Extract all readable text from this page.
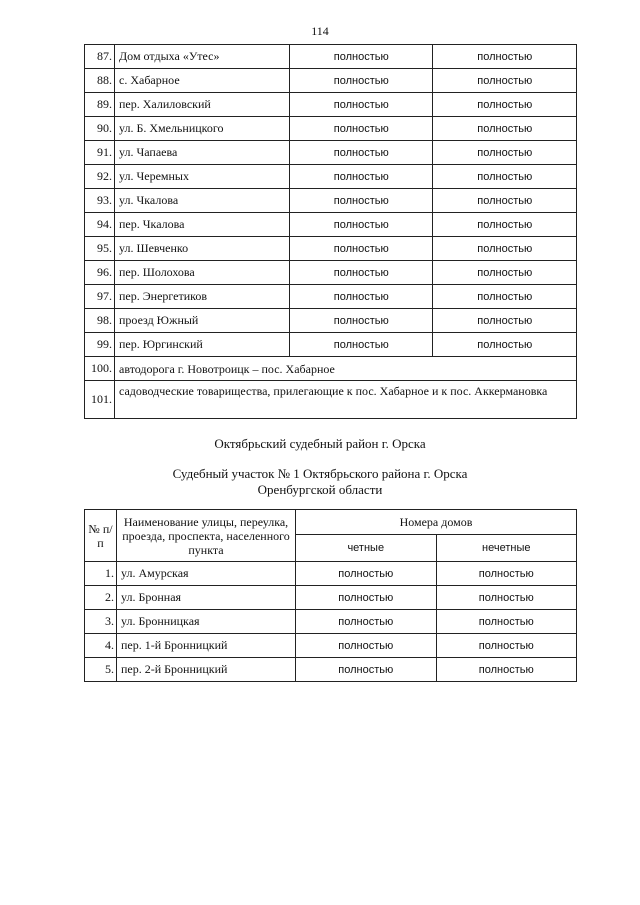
114
87.	Дом отдыха «Утес»	полностью	полностью
88.	с. Хабарное	полностью	полностью
89.	пер. Халиловский	полностью	полностью
90.	ул. Б. Хмельницкого	полностью	полностью
91.	ул. Чапаева	полностью	полностью
92.	ул. Черемных	полностью	полностью
93.	ул. Чкалова	полностью	полностью
94.	пер. Чкалова	полностью	полностью
95.	ул. Шевченко	полностью	полностью
96.	пер. Шолохова	полностью	полностью
97.	пер. Энергетиков	полностью	полностью
98.	проезд Южный	полностью	полностью
99.	пер. Юргинский	полностью	полностью
100.	автодорога г. Новотроицк – пос. Хабарное		
101.	садоводческие товарищества, прилегающие к пос. Хабарное и к пос. Аккермановка		
Октябрьский судебный район г. Орска
Судебный участок № 1 Октябрьского района г. Орска
Оренбургской области
№ п/п	Наименование улицы, переулка, проезда, проспекта, населенного пункта	Номера домов	
		четные	нечетные
1.	ул. Амурская	полностью	полностью
2.	ул. Бронная	полностью	полностью
3.	ул. Бронницкая	полностью	полностью
4.	пер. 1-й Бронницкий	полностью	полностью
5.	пер. 2-й Бронницкий	полностью	полностью
